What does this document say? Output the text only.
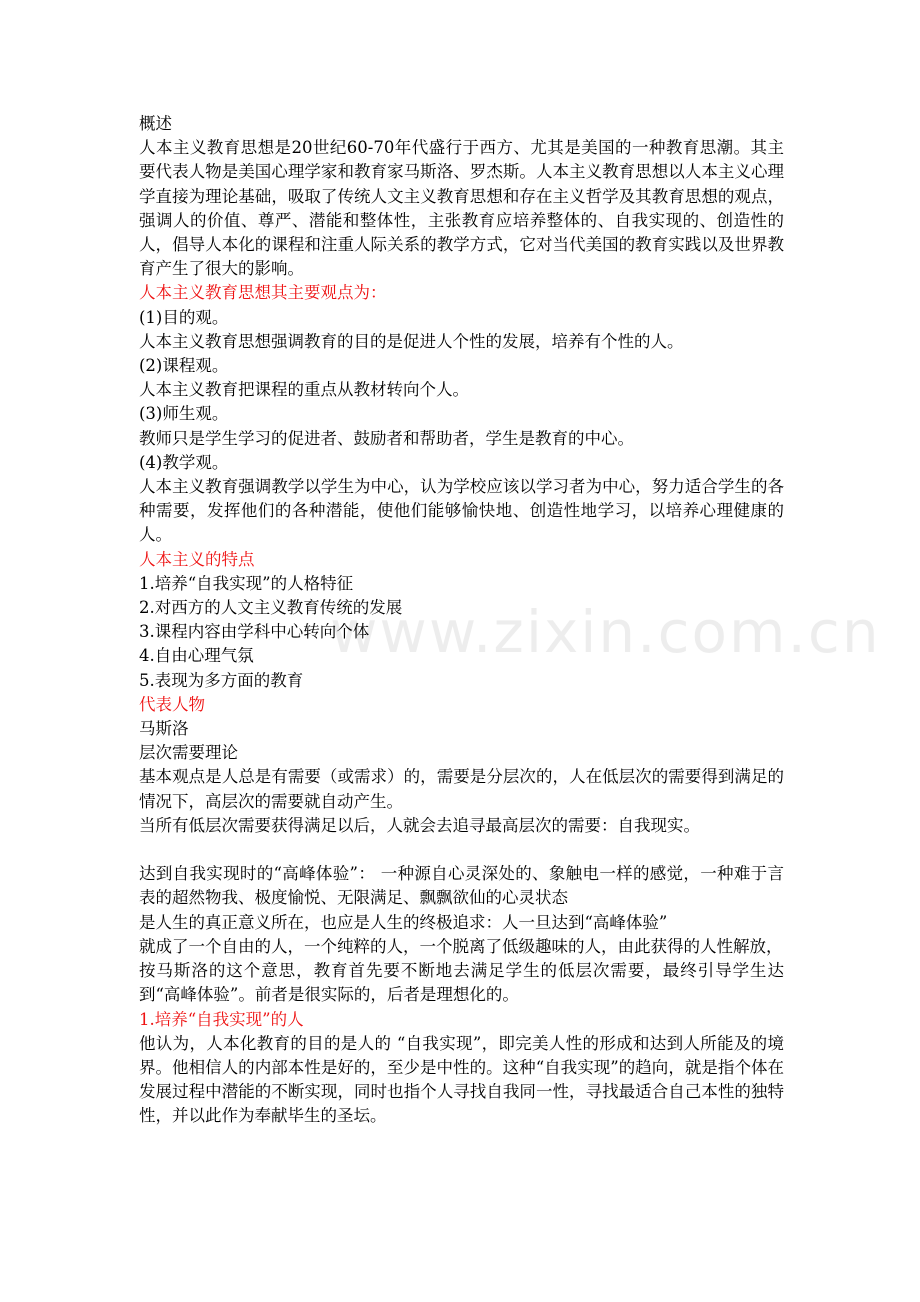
www.zixin.com.cn

概述

人本主义教育思想是20世纪60-70年代盛行于西方、尤其是美国的一种教育思潮。其主要代表人物是美国心理学家和教育家马斯洛、罗杰斯。人本主义教育思想以人本主义心理学直接为理论基础，吸取了传统人文主义教育思想和存在主义哲学及其教育思想的观点，强调人的价值、尊严、潜能和整体性，主张教育应培养整体的、自我实现的、创造性的人，倡导人本化的课程和注重人际关系的教学方式，它对当代美国的教育实践以及世界教育产生了很大的影响。

人本主义教育思想其主要观点为：

(1)目的观。

人本主义教育思想强调教育的目的是促进人个性的发展，培养有个性的人。

(2)课程观。

人本主义教育把课程的重点从教材转向个人。

(3)师生观。

教师只是学生学习的促进者、鼓励者和帮助者，学生是教育的中心。

(4)教学观。

人本主义教育强调教学以学生为中心，认为学校应该以学习者为中心，努力适合学生的各种需要，发挥他们的各种潜能，使他们能够愉快地、创造性地学习，以培养心理健康的人。

人本主义的特点

1.培养“自我实现”的人格特征

2.对西方的人文主义教育传统的发展

3.课程内容由学科中心转向个体

4.自由心理气氛

5.表现为多方面的教育

代表人物

马斯洛

层次需要理论

基本观点是人总是有需要（或需求）的，需要是分层次的，人在低层次的需要得到满足的情况下，高层次的需要就自动产生。

当所有低层次需要获得满足以后，人就会去追寻最高层次的需要：自我现实。

达到自我实现时的“高峰体验”： 一种源自心灵深处的、象触电一样的感觉，一种难于言表的超然物我、极度愉悦、无限满足、飘飘欲仙的心灵状态

是人生的真正意义所在，也应是人生的终极追求：人一旦达到“高峰体验”

就成了一个自由的人，一个纯粹的人，一个脱离了低级趣味的人，由此获得的人性解放，

按马斯洛的这个意思，教育首先要不断地去满足学生的低层次需要，最终引导学生达到“高峰体验”。前者是很实际的，后者是理想化的。

1.培养“自我实现”的人

他认为，人本化教育的目的是人的 “自我实现”，即完美人性的形成和达到人所能及的境界。他相信人的内部本性是好的，至少是中性的。这种“自我实现”的趋向，就是指个体在发展过程中潜能的不断实现，同时也指个人寻找自我同一性，寻找最适合自己本性的独特性，并以此作为奉献毕生的圣坛。
